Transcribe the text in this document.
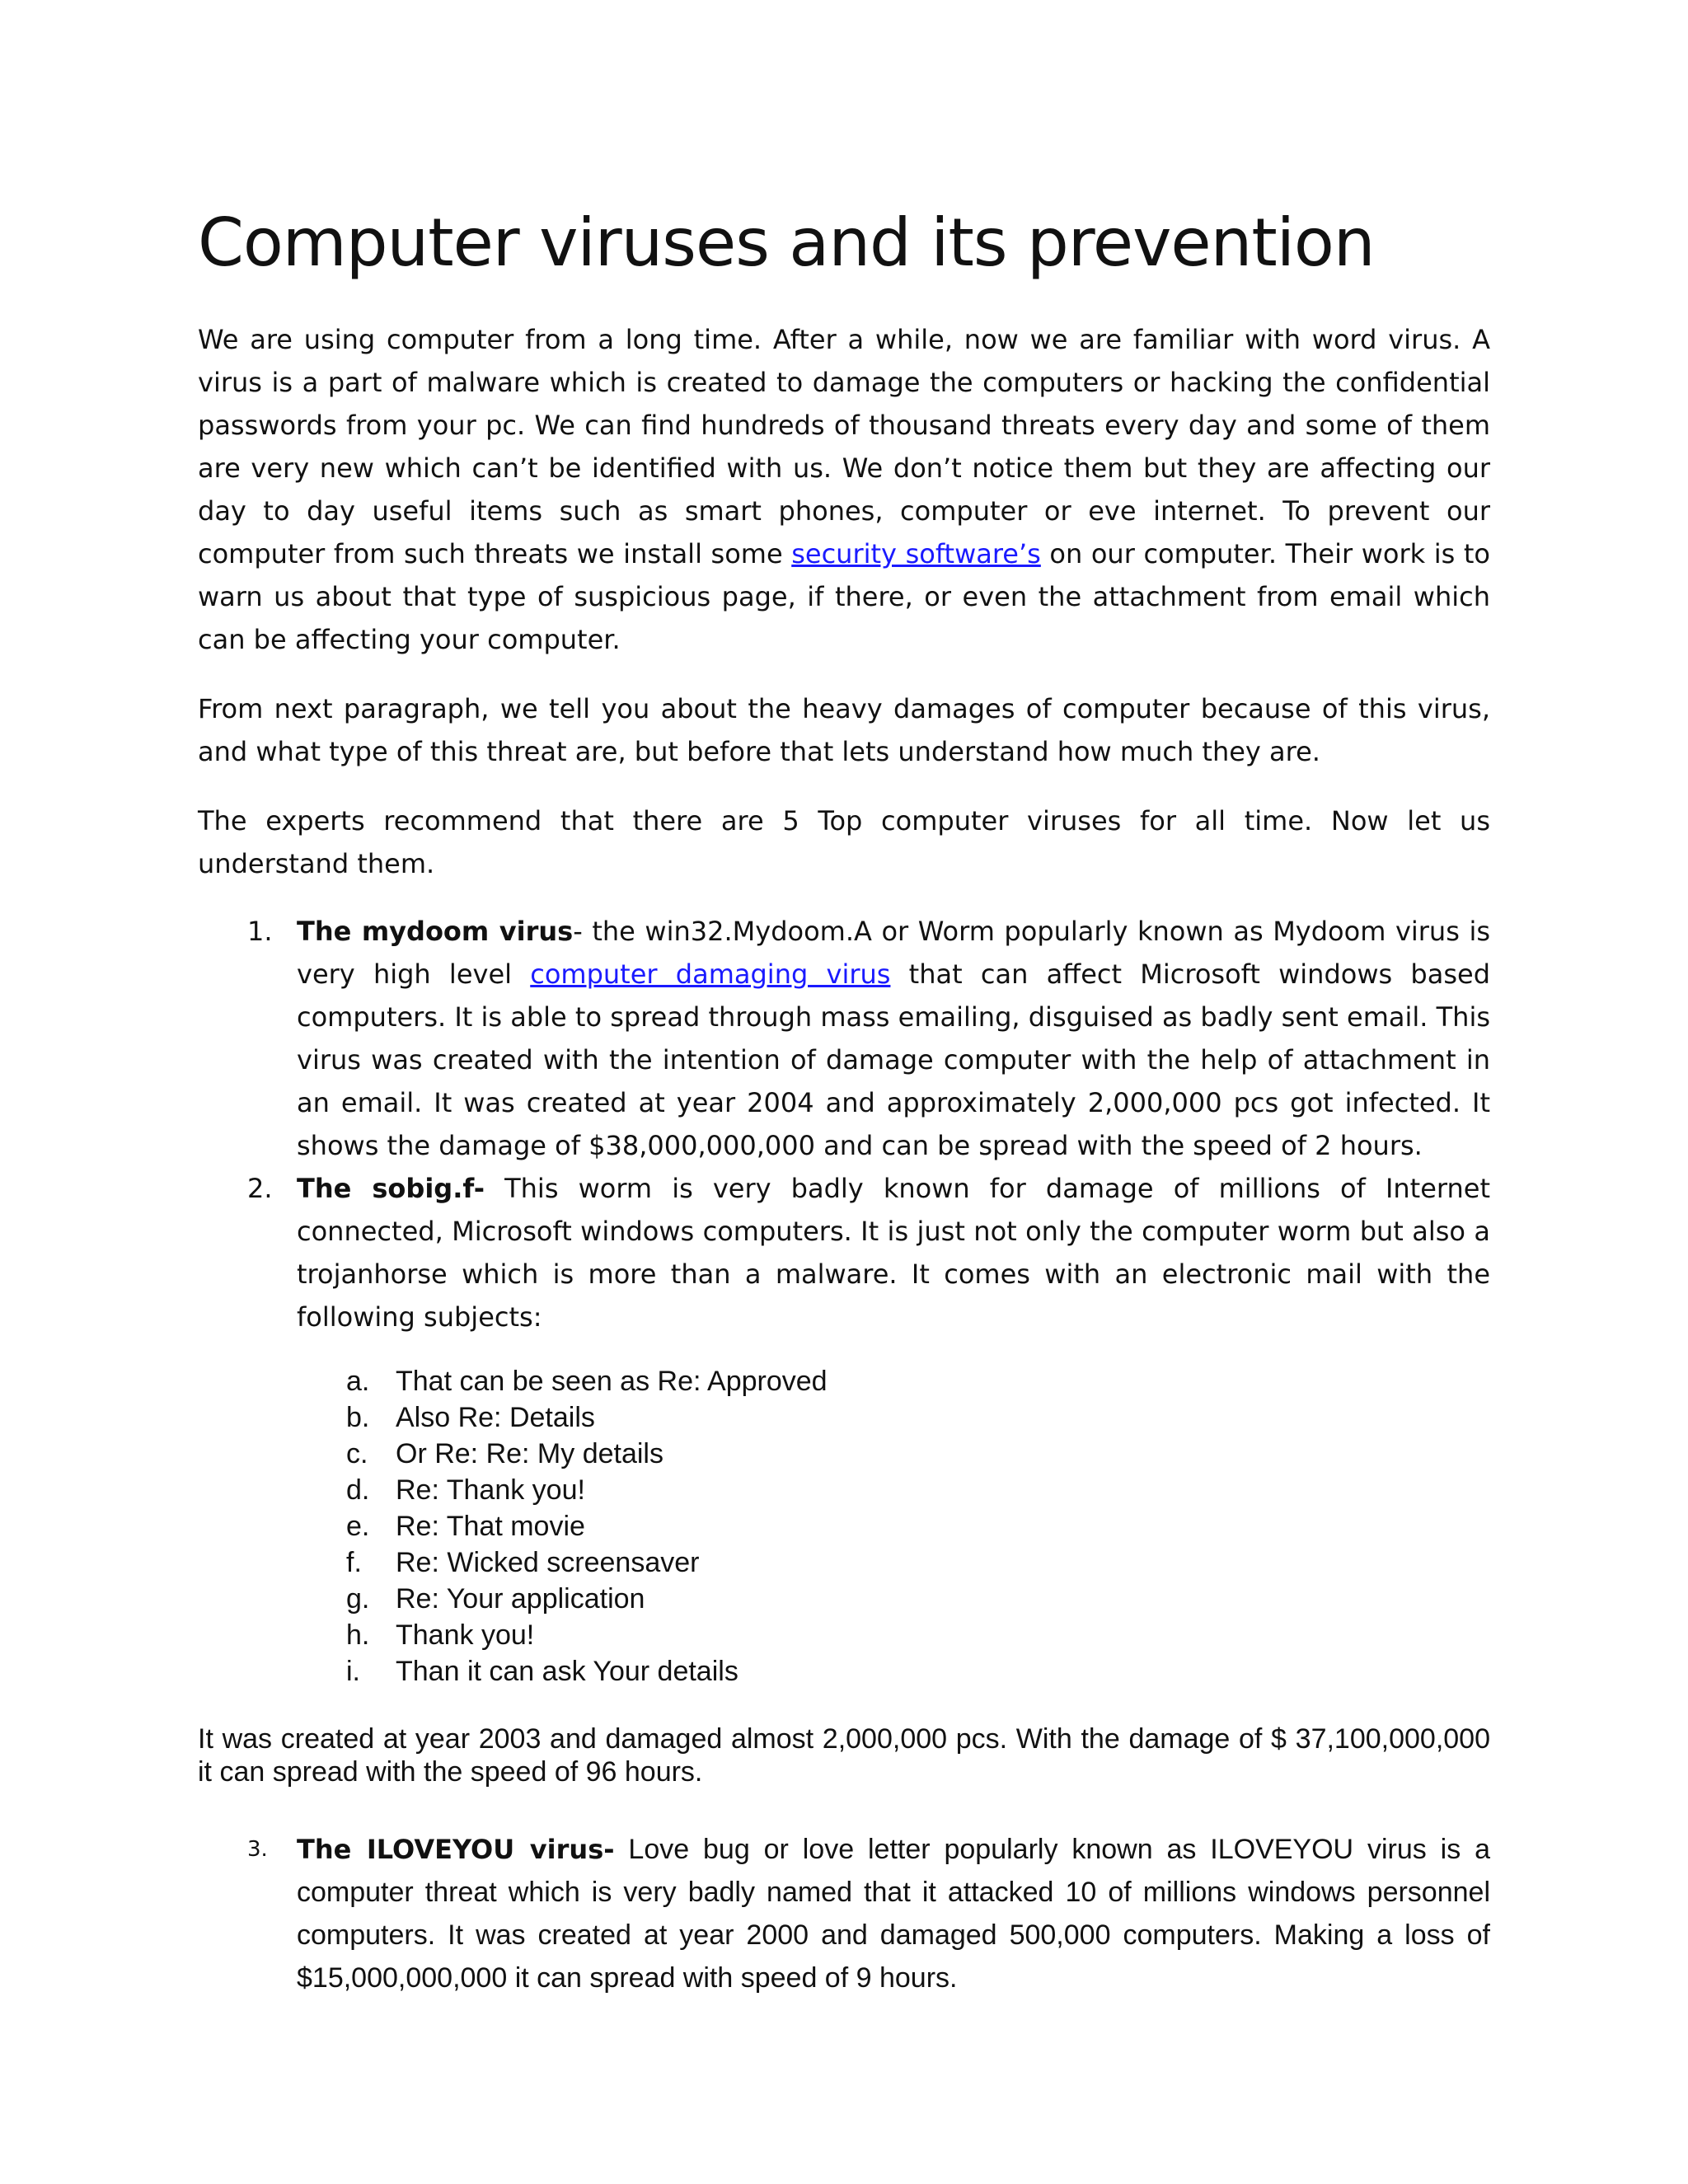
Computer viruses and its prevention

We are using computer from a long time. After a while, now we are familiar with word virus. A virus is a part of malware which is created to damage the computers or hacking the confidential passwords from your pc. We can find hundreds of thousand threats every day and some of them are very new which can’t be identified with us. We don’t notice them but they are affecting our day to day useful items such as smart phones, computer or eve internet. To prevent our computer from such threats we install some security software’s on our computer. Their work is to warn us about that type of suspicious page, if there, or even the attachment from email which can be affecting your computer.

From next paragraph, we tell you about the heavy damages of computer because of this virus, and what type of this threat are, but before that lets understand how much they are.

The experts recommend that there are 5 Top computer viruses for all time. Now let us understand them.

1. The mydoom virus- the win32.Mydoom.A or Worm popularly known as Mydoom virus is very high level computer damaging virus that can affect Microsoft windows based computers. It is able to spread through mass emailing, disguised as badly sent email. This virus was created with the intention of damage computer with the help of attachment in an email. It was created at year 2004 and approximately 2,000,000 pcs got infected. It shows the damage of $38,000,000,000 and can be spread with the speed of 2 hours.
2. The sobig.f- This worm is very badly known for damage of millions of Internet connected, Microsoft windows computers. It is just not only the computer worm but also a trojanhorse which is more than a malware. It comes with an electronic mail with the following subjects:
a. That can be seen as Re: Approved
b. Also Re: Details
c. Or Re: Re: My details
d. Re: Thank you!
e. Re: That movie
f. Re: Wicked screensaver
g. Re: Your application
h. Thank you!
i. Than it can ask Your details

It was created at year 2003 and damaged almost 2,000,000 pcs. With the damage of $ 37,100,000,000 it can spread with the speed of 96 hours.

3. The ILOVEYOU virus- Love bug or love letter popularly known as ILOVEYOU virus is a computer threat which is very badly named that it attacked 10 of millions windows personnel computers. It was created at year 2000 and damaged 500,000 computers. Making a loss of $15,000,000,000 it can spread with speed of 9 hours.
